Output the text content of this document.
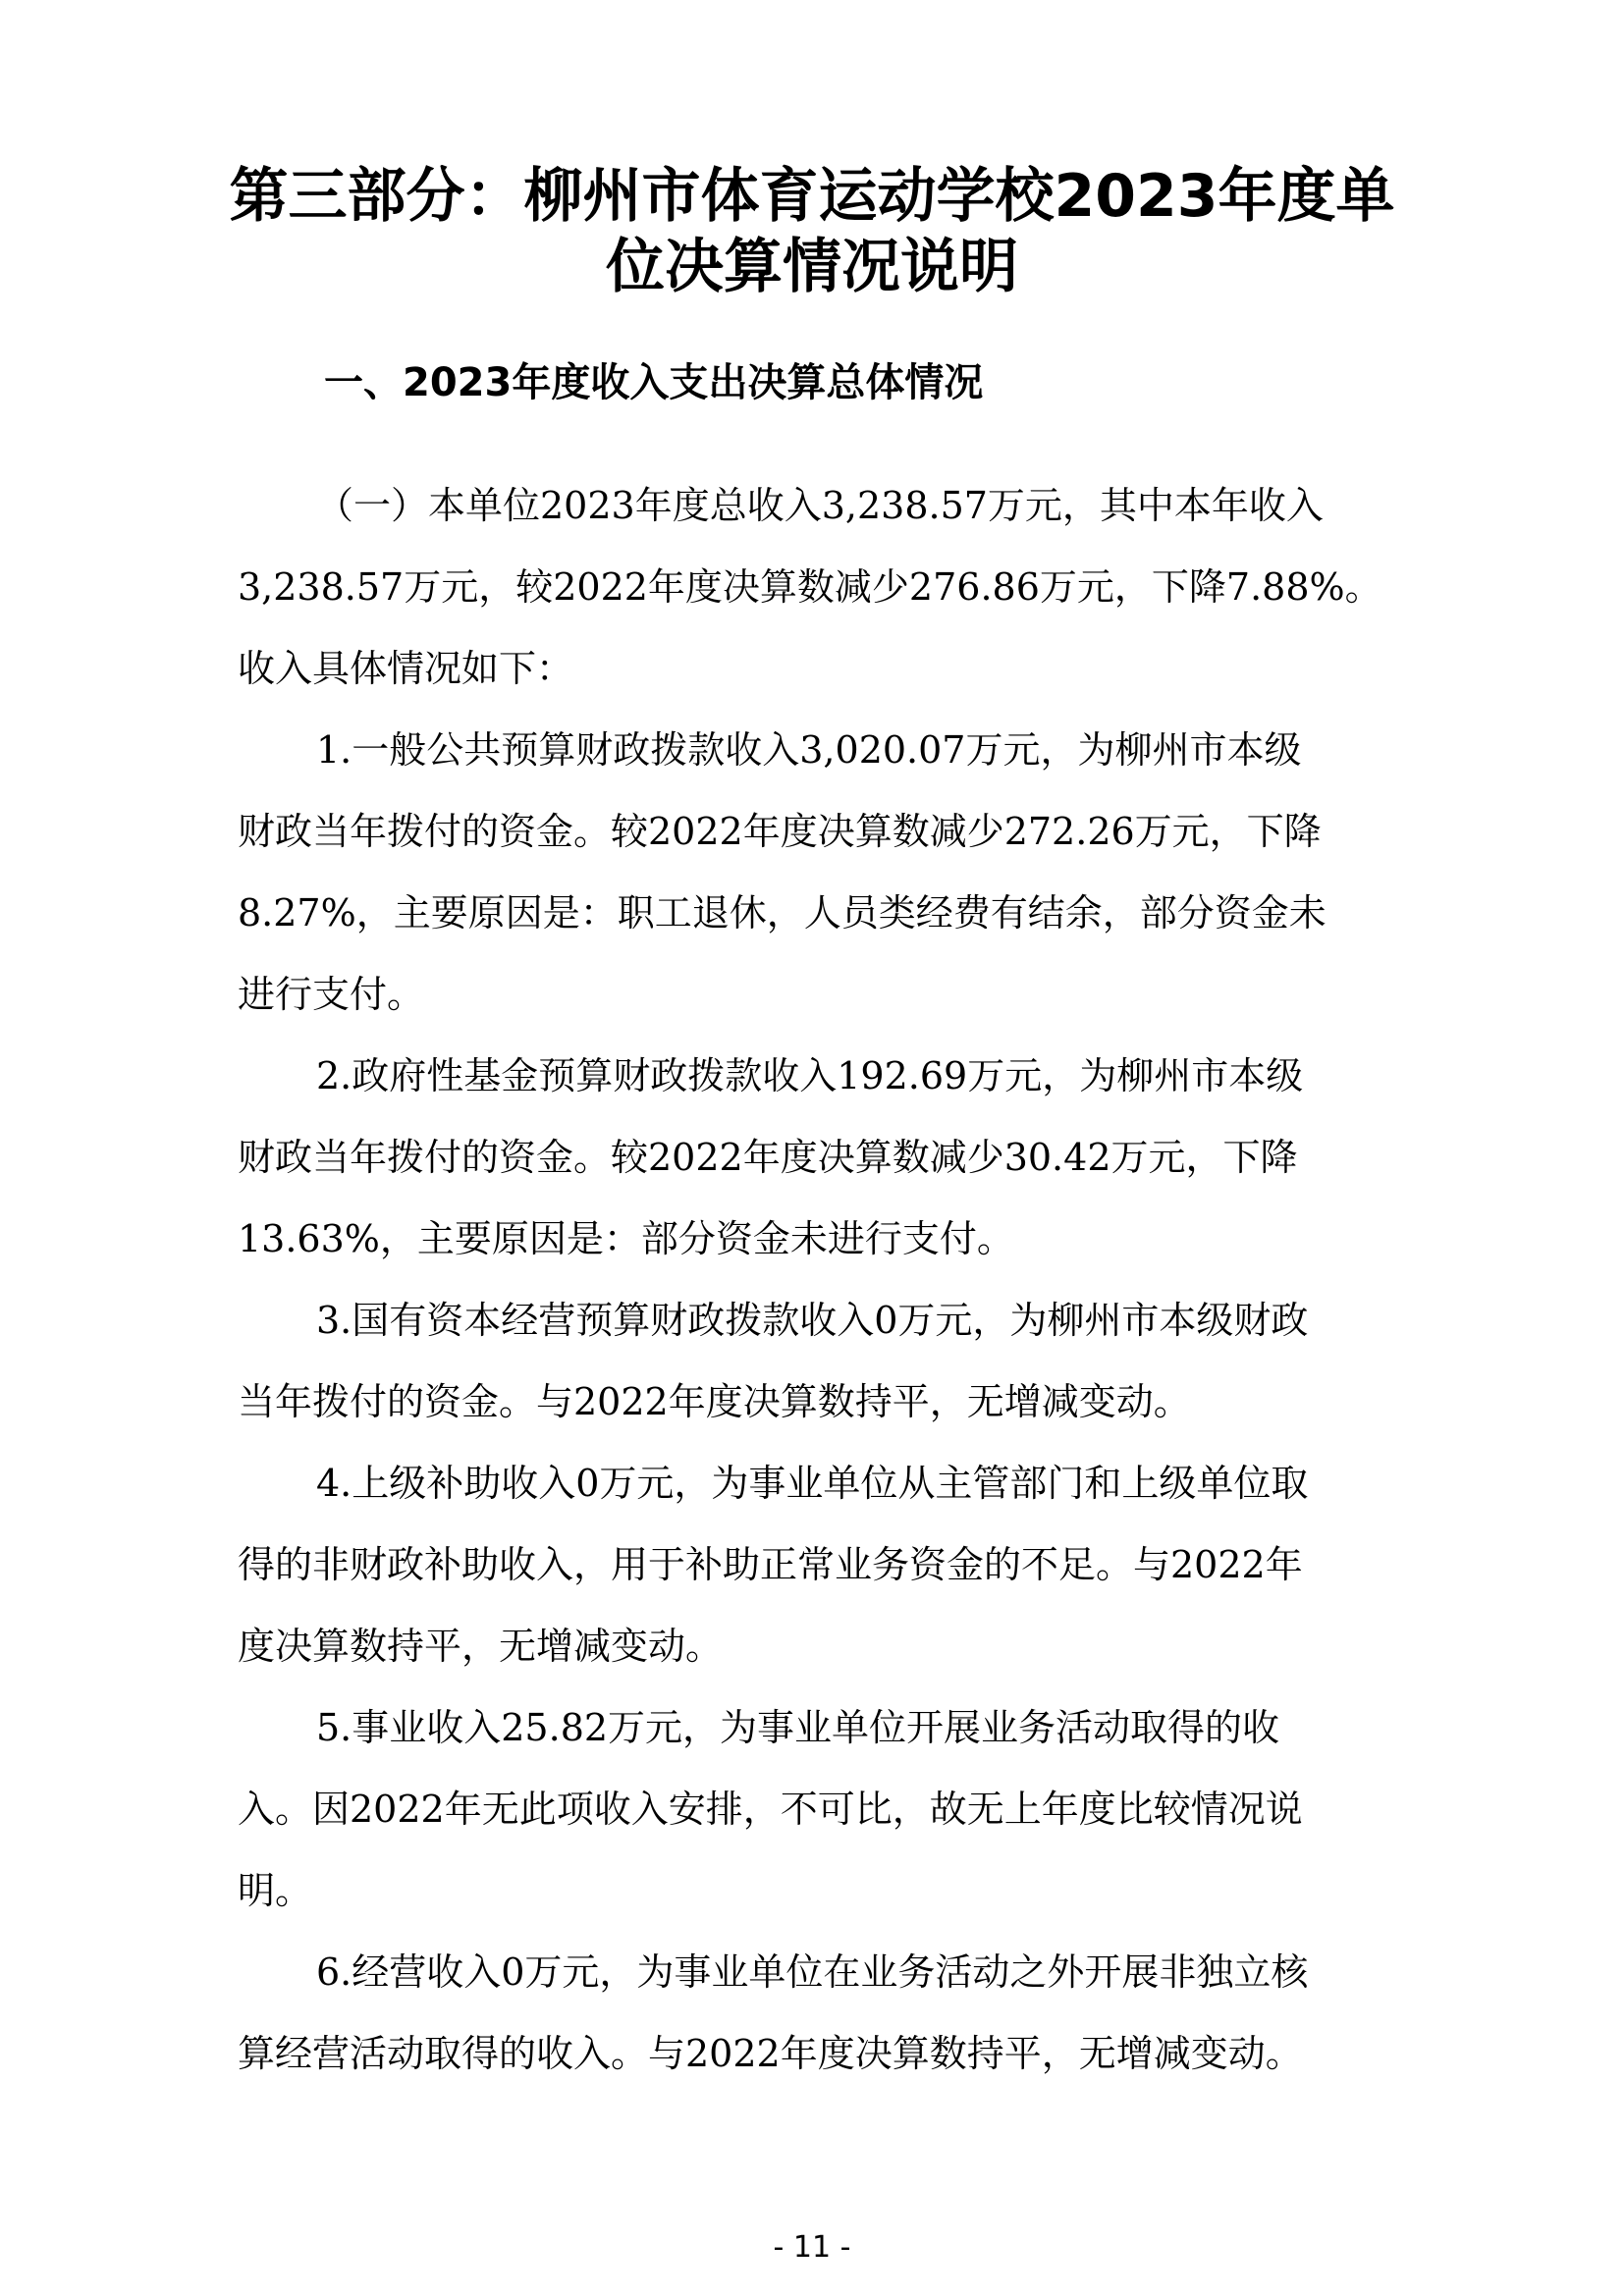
第三部分：柳州市体育运动学校2023年度单
位决算情况说明
一、2023年度收入支出决算总体情况

（一）本单位2023年度总收入3,238.57万元，其中本年收入
3,238.57万元，较2022年度决算数减少276.86万元，下降7.88%。
收入具体情况如下：

1.一般公共预算财政拨款收入3,020.07万元，为柳州市本级
财政当年拨付的资金。较2022年度决算数减少272.26万元，下降
8.27%，主要原因是：职工退休，人员类经费有结余，部分资金未
进行支付。

2.政府性基金预算财政拨款收入192.69万元，为柳州市本级
财政当年拨付的资金。较2022年度决算数减少30.42万元，下降
13.63%，主要原因是：部分资金未进行支付。

3.国有资本经营预算财政拨款收入0万元，为柳州市本级财政
当年拨付的资金。与2022年度决算数持平，无增减变动。

4.上级补助收入0万元，为事业单位从主管部门和上级单位取
得的非财政补助收入，用于补助正常业务资金的不足。与2022年
度决算数持平，无增减变动。

5.事业收入25.82万元，为事业单位开展业务活动取得的收
入。因2022年无此项收入安排，不可比，故无上年度比较情况说
明。

6.经营收入0万元，为事业单位在业务活动之外开展非独立核
算经营活动取得的收入。与2022年度决算数持平，无增减变动。

- 11 -
